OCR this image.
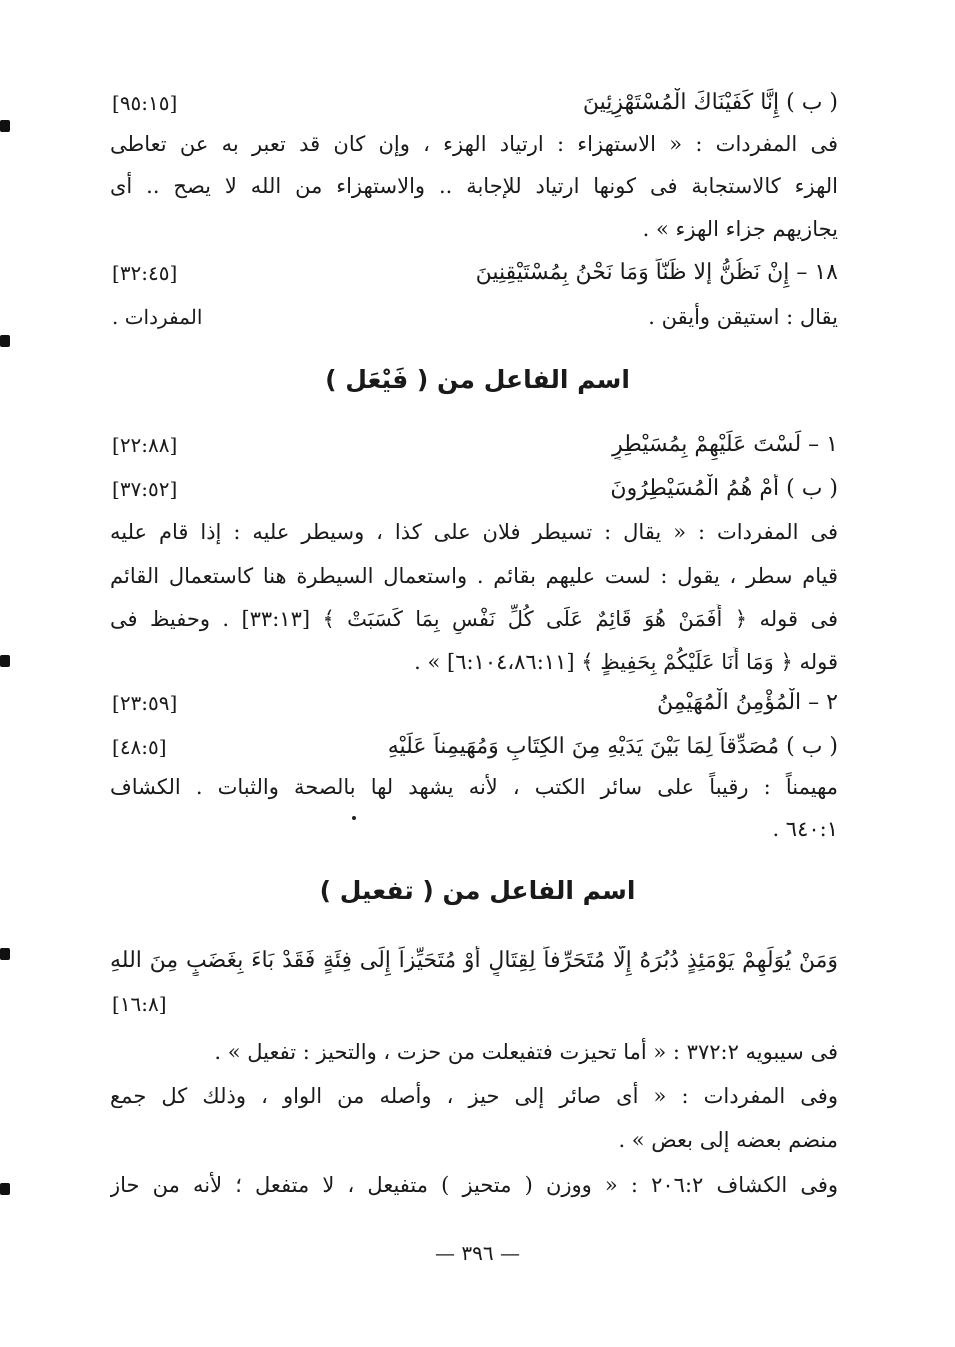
( ب ) إِنَّا كَفَيْنَاكَ الْمُسْتَهْزِئِينَ
[٩٥:١٥]
فى المفردات : « الاستهزاء : ارتياد الهزء ، وإن كان قد تعبر به عن تعاطى
الهزء كالاستجابة فى كونها ارتياد للإجابة .. والاستهزاء من الله لا يصح .. أى
يجازيهم جزاء الهزء » .
١٨ – إِنْ نَظُنُّ إلا ظَنّاً وَمَا نَحْنُ بِمُسْتَيْقِنِينَ
[٣٢:٤٥]
يقال : استيقن وأيقن .
المفردات .
اسم الفاعل من ( فَيْعَل )
١ – لَسْتَ عَلَيْهِمْ بِمُسَيْطِرٍ
[٢٢:٨٨]
( ب ) أَمْ هُمُ الْمُسَيْطِرُونَ
[٣٧:٥٢]
فى المفردات : « يقال : تسيطر فلان على كذا ، وسيطر عليه : إذا قام عليه
قيام سطر ، يقول : لست عليهم بقائم . واستعمال السيطرة هنا كاستعمال القائم
فى قوله ﴿ أَفَمَنْ هُوَ قَائِمٌ عَلَى كُلِّ نَفْسٍ بِمَا كَسَبَتْ ﴾ [٣٣:١٣] . وحفيظ فى
قوله ﴿ وَمَا أَنَا عَلَيْكُمْ بِحَفِيظٍ ﴾ [٦:١٠٤،٨٦:١١] » .
٢ – الْمُؤْمِنُ الْمُهَيْمِنُ
[٢٣:٥٩]
( ب ) مُصَدِّقاً لِمَا بَيْنَ يَدَيْهِ مِنَ الكِتَابِ وَمُهَيمِناً عَلَيْهِ
[٤٨:٥]
مهيمناً : رقيباً على سائر الكتب ، لأنه يشهد لها بالصحة والثبات . الكشاف
٦٤٠:١ .
اسم الفاعل من ( تفعيل )
وَمَنْ يُوَلِّهِمْ يَوْمَئِذٍ دُبُرَهُ إِلَّا مُتَحَرِّفاً لِقِتَالٍ أَوْ مُتَحَيِّزاً إِلَى فِئَةٍ فَقَدْ بَاءَ بِغَضَبٍ مِنَ اللهِ
[١٦:٨]
فى سيبويه ٣٧٢:٢ : « أما تحيزت فتفيعلت من حزت ، والتحيز : تفعيل » .
وفى المفردات : « أى صائر إلى حيز ، وأصله من الواو ، وذلك كل جمع
منضم بعضه إلى بعض » .
وفى الكشاف ٢٠٦:٢ : « ووزن ( متحيز ) متفيعل ، لا متفعل ؛ لأنه من حاز
— ٣٩٦ —
